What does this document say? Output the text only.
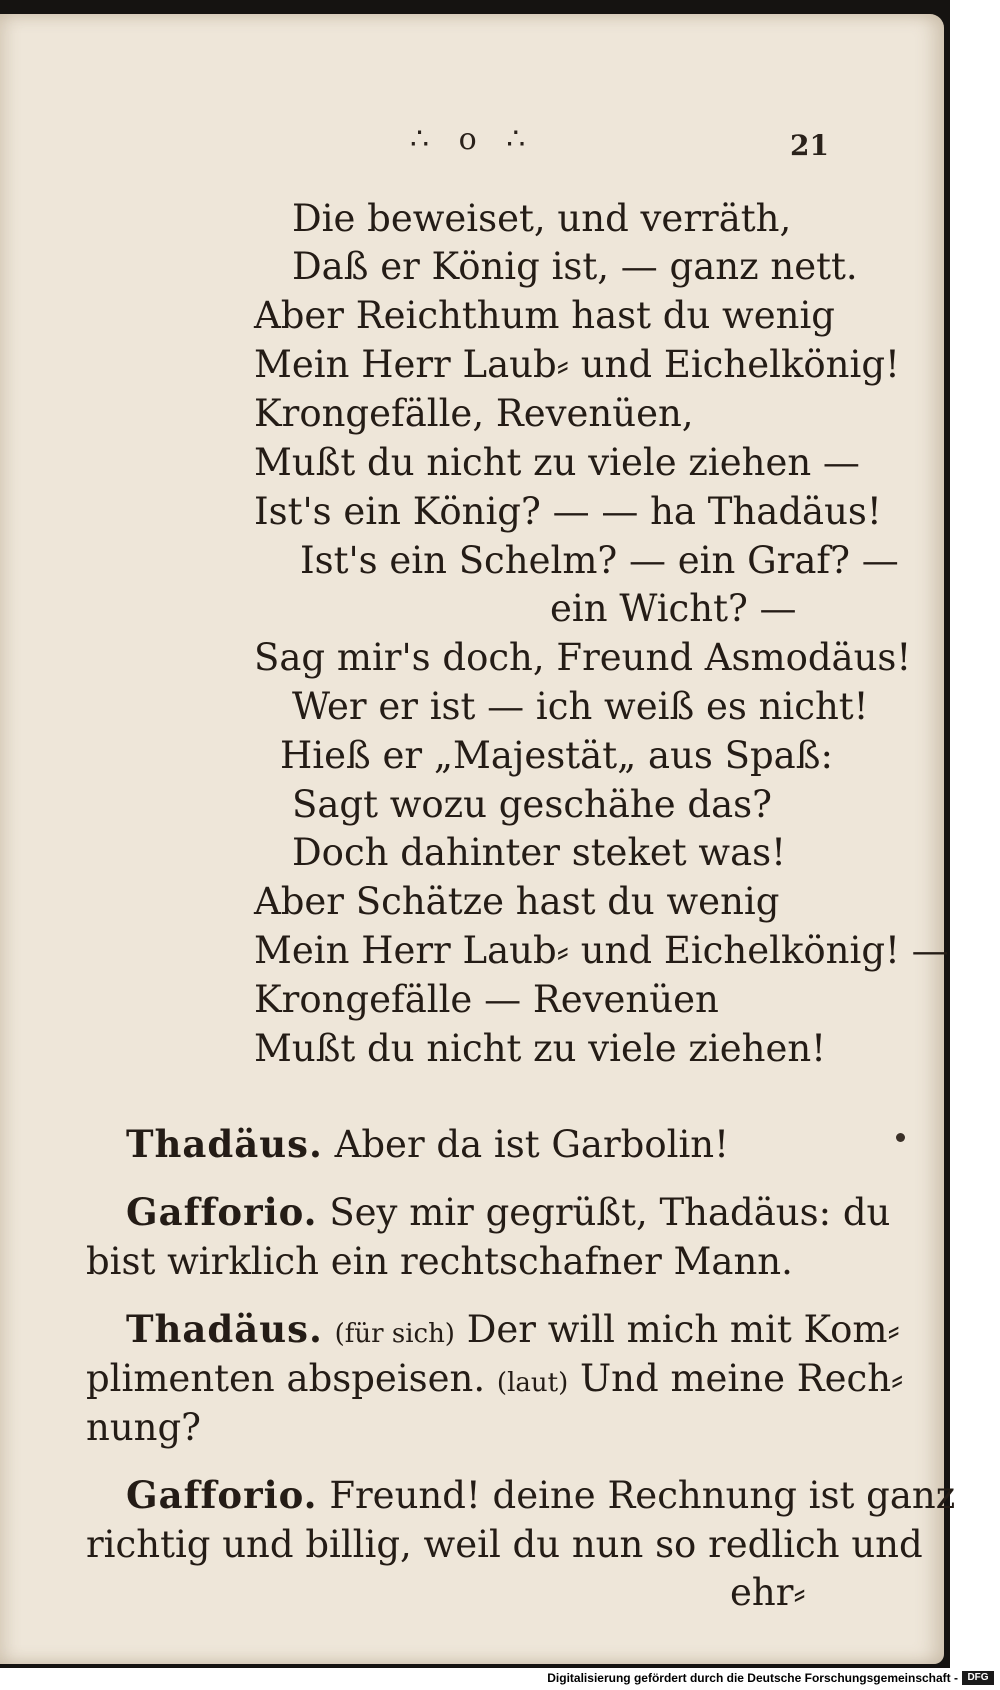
∴ o ∴	21
Die beweiset, und verräth,
Daß er König ist, — ganz nett.
Aber Reichthum hast du wenig
Mein Herr Laub⸗ und Eichelkönig!
Krongefälle, Revenüen,
Mußt du nicht zu viele ziehen —
Ist's ein König? — — ha Thadäus!
Ist's ein Schelm? — ein Graf? —
ein Wicht? —
Sag mir's doch, Freund Asmodäus!
Wer er ist — ich weiß es nicht!
Hieß er „Majestät„ aus Spaß:
Sagt wozu geschähe das?
Doch dahinter steket was!
Aber Schätze hast du wenig
Mein Herr Laub⸗ und Eichelkönig! —
Krongefälle — Revenüen
Mußt du nicht zu viele ziehen!
Thadäus. Aber da ist Garbolin!
Gafforio. Sey mir gegrüßt, Thadäus: du
bist wirklich ein rechtschafner Mann.
Thadäus. (für sich) Der will mich mit Kom⸗
plimenten abspeisen. (laut) Und meine Rech⸗
nung?
Gafforio. Freund! deine Rechnung ist ganz
richtig und billig, weil du nun so redlich und
ehr⸗
Digitalisierung gefördert durch die Deutsche Forschungsgemeinschaft - DFG
